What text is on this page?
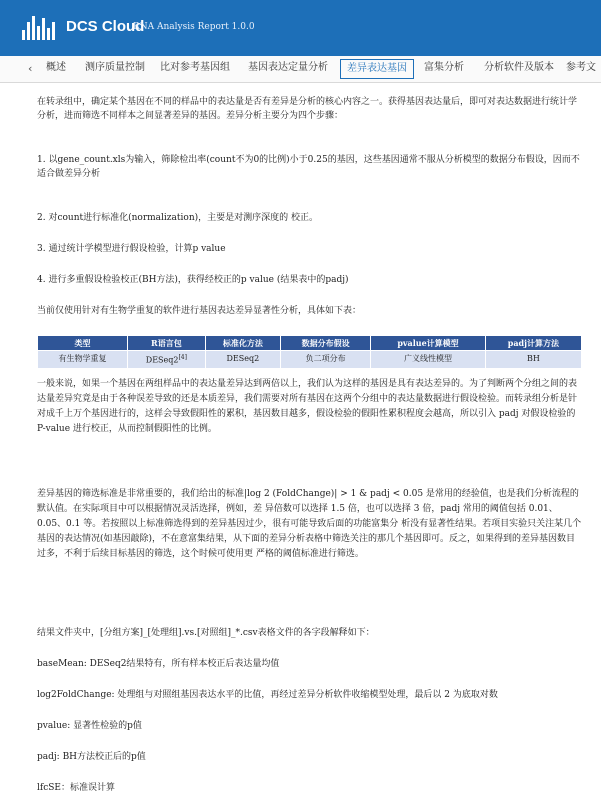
DCS Cloud
RNA Analysis Report 1.0.0
‹ 概述 测序质量控制 比对参考基因组	基因表达定量分析	差异表达基因	富集分析	分析软件及版本	参考文
在转录组中，确定某个基因在不同的样品中的表达量是否有差异是分析的核心内容之一。获得基因表达量后，即可对表达数据进行统计学分析，进而筛选不同样本之间显著差异的基因。差异分析主要分为四个步骤：
1. 以gene_count.xls为输入，筛除检出率(count不为0的比例)小于0.25的基因，这些基因通常不服从分析模型的数据分布假设，因而不适合做差异分析
2. 对count进行标准化(normalization)，主要是对测序深度的 校正。
3. 通过统计学模型进行假设检验，计算p value
4. 进行多重假设检验校正(BH方法)，获得经校正的p value (结果表中的padj)
当前仅使用针对有生物学重复的软件进行基因表达差异显著性分析，具体如下表：
类型	R语言包	标准化方法	数据分布假设	pvalue计算模型	padj计算方法
有生物学重复	DESeq2[4]	DESeq2	负二项分布	广义线性模型	BH
一般来说，如果一个基因在两组样品中的表达量差异达到两倍以上，我们认为这样的基因是具有表达差异的。为了判断两个分组之间的表达量差异究竟是由于各种误差导致的还是本质差异，我们需要对所有基因在这两个分组中的表达量数据进行假设检验。而转录组分析是针对成千上万个基因进行的，这样会导致假阳性的累积，基因数目越多，假设检验的假阳性累积程度会越高，所以引入 padj 对假设检验的 P-value 进行校正，从而控制假阳性的比例。
差异基因的筛选标准是非常重要的，我们给出的标准|log 2 (FoldChange)| > 1 & padj < 0.05 是常用的经验值，也是我们分析流程的默认值。在实际项目中可以根据情况灵活选择，例如，差 异倍数可以选择 1.5 倍，也可以选择 3 倍，padj 常用的阈值包括 0.01、0.05、0.1 等。若按照以上标准筛选得到的差异基因过少，很有可能导致后面的功能富集分 析没有显著性结果。若项目实验只关注某几个基因的表达情况(如基因敲除)，不在意富集结果，从下面的差异分析表格中筛选关注的那几个基因即可。反之，如果得到的差异基因数目过多，不利于后续目标基因的筛选，这个时候可使用更 严格的阈值标准进行筛选。
结果文件夹中，[分组方案]_[处理组].vs.[对照组]_*.csv表格文件的各字段解释如下：
baseMean: DESeq2结果特有，所有样本校正后表达量均值
log2FoldChange: 处理组与对照组基因表达水平的比值，再经过差异分析软件收缩模型处理，最后以 2 为底取对数
pvalue: 显著性检验的p值
padj: BH方法校正后的p值
lfcSE：标准误计算
